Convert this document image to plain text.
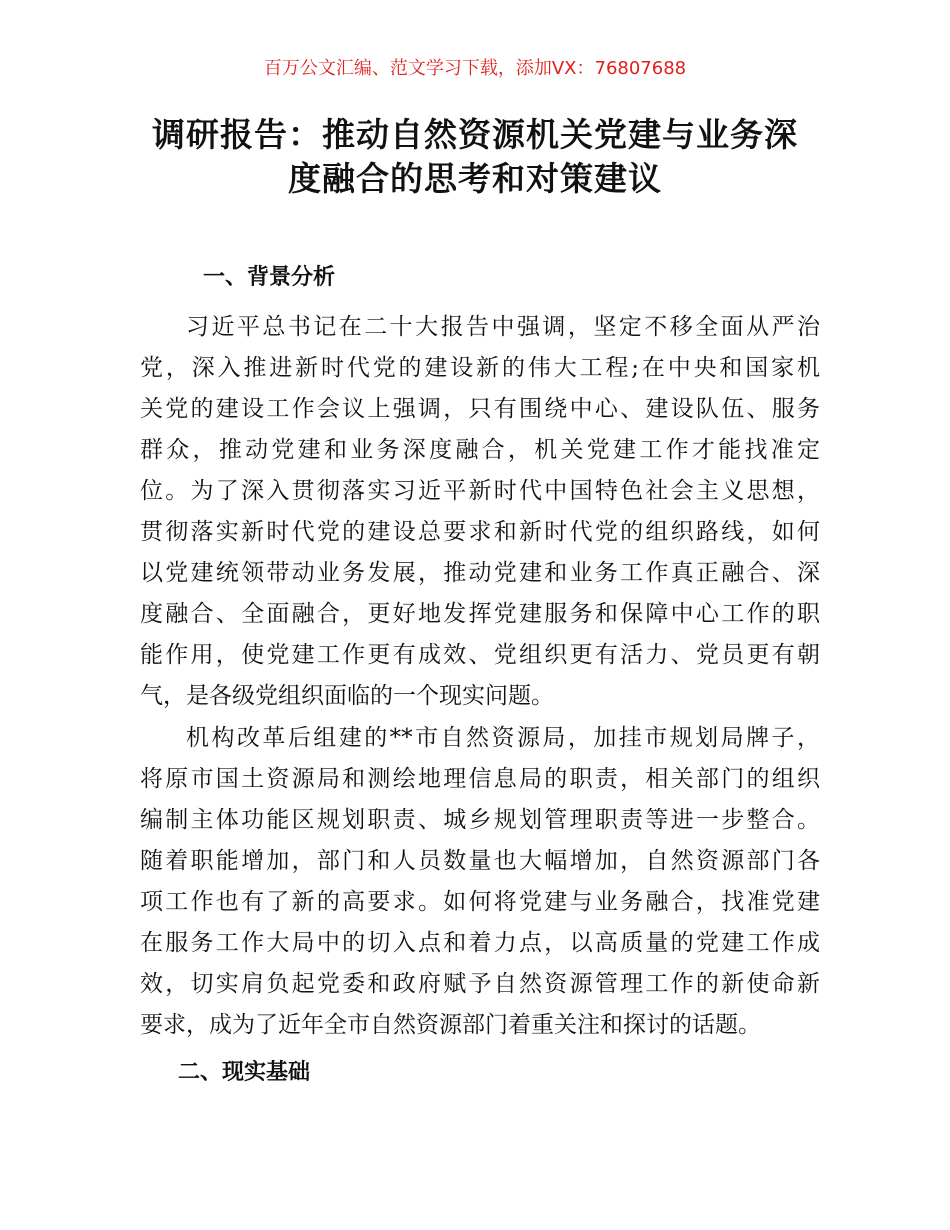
百万公文汇编、范文学习下载，添加VX：76807688
调研报告：推动自然资源机关党建与业务深
度融合的思考和对策建议
一、背景分析
习近平总书记在二十大报告中强调，坚定不移全面从严治
党，深入推进新时代党的建设新的伟大工程;在中央和国家机
关党的建设工作会议上强调，只有围绕中心、建设队伍、服务
群众，推动党建和业务深度融合，机关党建工作才能找准定
位。为了深入贯彻落实习近平新时代中国特色社会主义思想，
贯彻落实新时代党的建设总要求和新时代党的组织路线，如何
以党建统领带动业务发展，推动党建和业务工作真正融合、深
度融合、全面融合，更好地发挥党建服务和保障中心工作的职
能作用，使党建工作更有成效、党组织更有活力、党员更有朝
气，是各级党组织面临的一个现实问题。
机构改革后组建的**市自然资源局，加挂市规划局牌子，
将原市国土资源局和测绘地理信息局的职责，相关部门的组织
编制主体功能区规划职责、城乡规划管理职责等进一步整合。
随着职能增加，部门和人员数量也大幅增加，自然资源部门各
项工作也有了新的高要求。如何将党建与业务融合，找准党建
在服务工作大局中的切入点和着力点，以高质量的党建工作成
效，切实肩负起党委和政府赋予自然资源管理工作的新使命新
要求，成为了近年全市自然资源部门着重关注和探讨的话题。
二、现实基础
